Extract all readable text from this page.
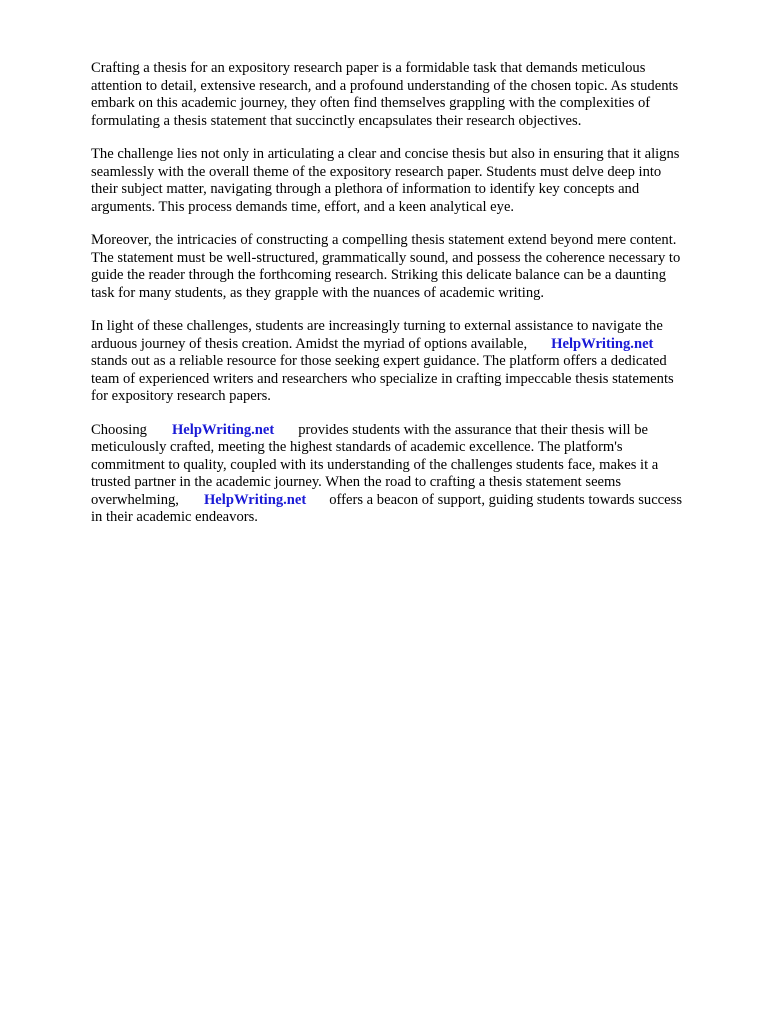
Crafting a thesis for an expository research paper is a formidable task that demands meticulous
attention to detail, extensive research, and a profound understanding of the chosen topic. As students
embark on this academic journey, they often find themselves grappling with the complexities of
formulating a thesis statement that succinctly encapsulates their research objectives.

The challenge lies not only in articulating a clear and concise thesis but also in ensuring that it aligns
seamlessly with the overall theme of the expository research paper. Students must delve deep into
their subject matter, navigating through a plethora of information to identify key concepts and
arguments. This process demands time, effort, and a keen analytical eye.

Moreover, the intricacies of constructing a compelling thesis statement extend beyond mere content.
The statement must be well-structured, grammatically sound, and possess the coherence necessary to
guide the reader through the forthcoming research. Striking this delicate balance can be a daunting
task for many students, as they grapple with the nuances of academic writing.

In light of these challenges, students are increasingly turning to external assistance to navigate the
arduous journey of thesis creation. Amidst the myriad of options available, HelpWriting.net
stands out as a reliable resource for those seeking expert guidance. The platform offers a dedicated
team of experienced writers and researchers who specialize in crafting impeccable thesis statements
for expository research papers.

Choosing HelpWriting.net provides students with the assurance that their thesis will be
meticulously crafted, meeting the highest standards of academic excellence. The platform's
commitment to quality, coupled with its understanding of the challenges students face, makes it a
trusted partner in the academic journey. When the road to crafting a thesis statement seems
overwhelming, HelpWriting.net offers a beacon of support, guiding students towards success
in their academic endeavors.
